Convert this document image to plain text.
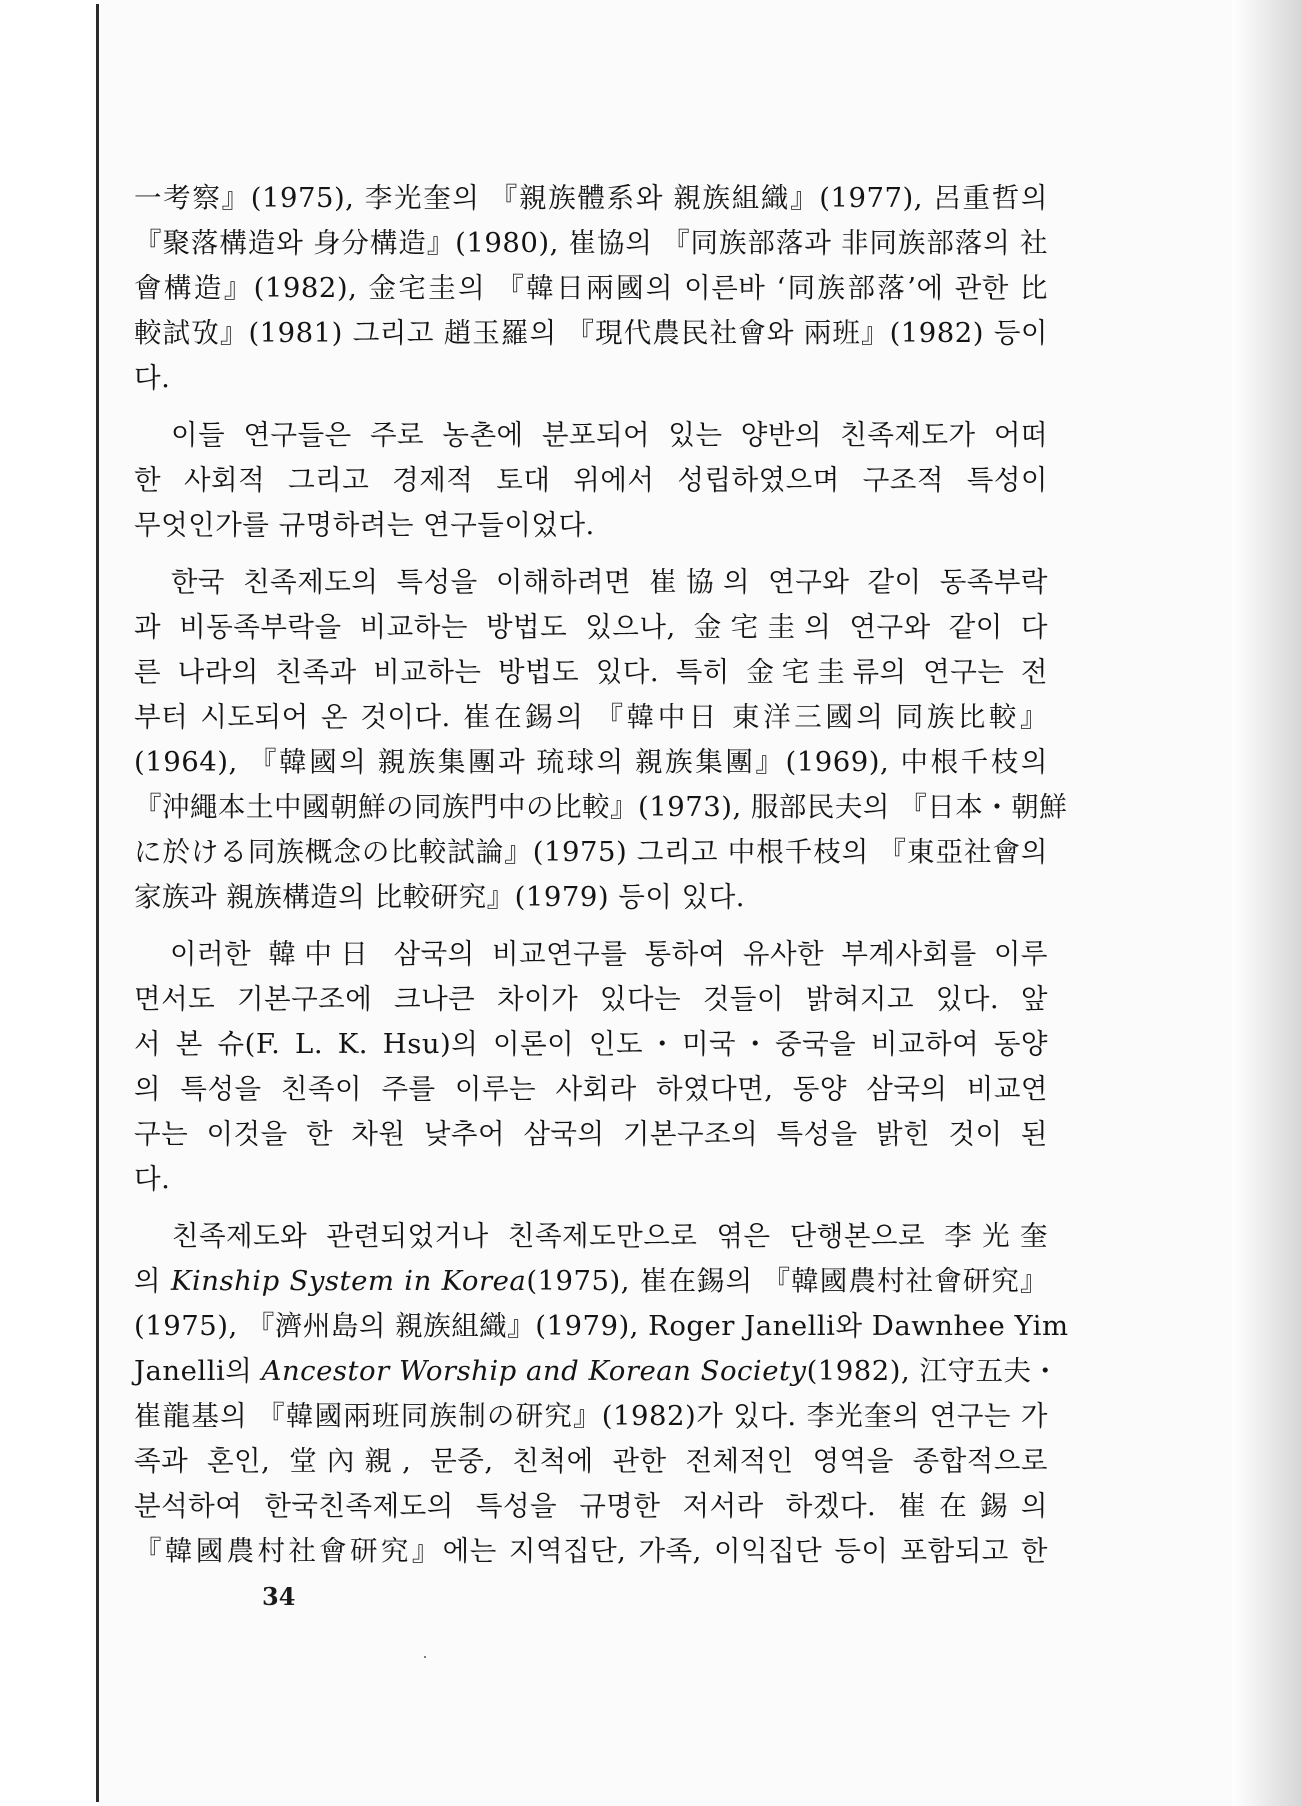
一考察』(1975), 李光奎의 『親族體系와 親族組織』(1977), 呂重哲의
『聚落構造와 身分構造』(1980), 崔協의 『同族部落과 非同族部落의 社
會構造』(1982), 金宅圭의 『韓日兩國의 이른바 ‘同族部落’에 관한 比
較試攷』(1981) 그리고 趙玉羅의 『現代農民社會와 兩班』(1982) 등이
다.
　이들 연구들은 주로 농촌에 분포되어 있는 양반의 친족제도가 어떠
한 사회적 그리고 경제적 토대 위에서 성립하였으며 구조적 특성이
무엇인가를 규명하려는 연구들이었다.
　한국 친족제도의 특성을 이해하려면 崔協의 연구와 같이 동족부락
과 비동족부락을 비교하는 방법도 있으나, 金宅圭의 연구와 같이 다
른 나라의 친족과 비교하는 방법도 있다. 특히 金宅圭류의 연구는 전
부터 시도되어 온 것이다. 崔在錫의 『韓中日 東洋三國의 同族比較』
(1964), 『韓國의 親族集團과 琉球의 親族集團』(1969), 中根千枝의
『沖繩本土中國朝鮮の同族門中の比較』(1973), 服部民夫의 『日本・朝鮮
に於ける同族概念の比較試論』(1975) 그리고 中根千枝의 『東亞社會의
家族과 親族構造의 比較研究』(1979) 등이 있다.
　이러한 韓中日 삼국의 비교연구를 통하여 유사한 부계사회를 이루
면서도 기본구조에 크나큰 차이가 있다는 것들이 밝혀지고 있다. 앞
서 본 슈(F. L. K. Hsu)의 이론이 인도・미국・중국을 비교하여 동양
의 특성을 친족이 주를 이루는 사회라 하였다면, 동양 삼국의 비교연
구는 이것을 한 차원 낮추어 삼국의 기본구조의 특성을 밝힌 것이 된
다.
　친족제도와 관련되었거나 친족제도만으로 엮은 단행본으로 李光奎
의 Kinship System in Korea(1975), 崔在錫의 『韓國農村社會研究』
(1975), 『濟州島의 親族組織』(1979), Roger Janelli와 Dawnhee Yim
Janelli의 Ancestor Worship and Korean Society(1982), 江守五夫・
崔龍基의 『韓國兩班同族制の研究』(1982)가 있다. 李光奎의 연구는 가
족과 혼인, 堂內親, 문중, 친척에 관한 전체적인 영역을 종합적으로
분석하여 한국친족제도의 특성을 규명한 저서라 하겠다. 崔在錫의
『韓國農村社會研究』에는 지역집단, 가족, 이익집단 등이 포함되고 한
34
